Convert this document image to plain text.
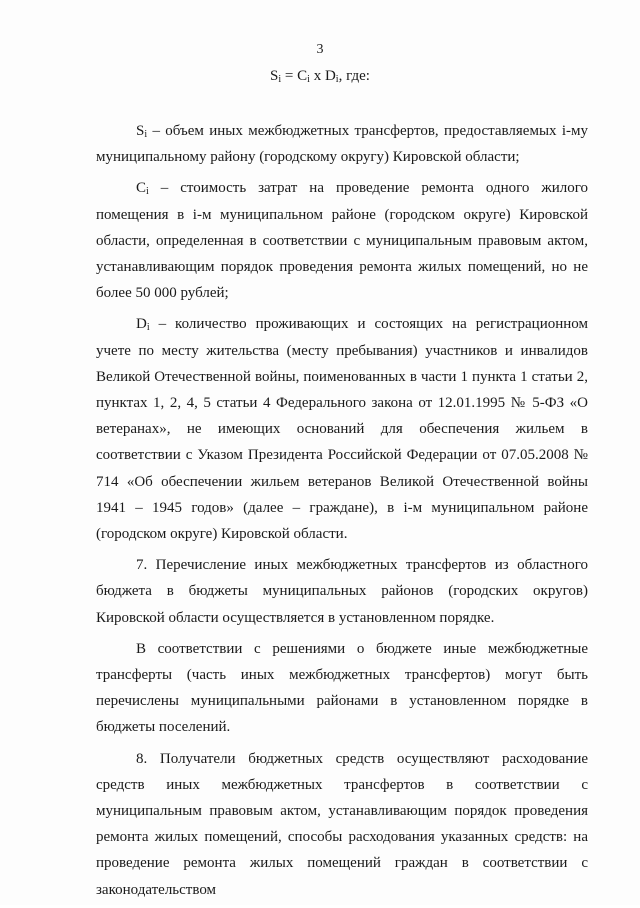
3
$S_i = C_i$ x $D_i$, где:

$S_i$ – объем иных межбюджетных трансфертов, предоставляемых i-му муниципальному району (городскому округу) Кировской области;

$C_i$ – стоимость затрат на проведение ремонта одного жилого помещения в i-м муниципальном районе (городском округе) Кировской области, определенная в соответствии с муниципальным правовым актом, устанавливающим порядок проведения ремонта жилых помещений, но не более 50 000 рублей;

$D_i$ – количество проживающих и состоящих на регистрационном учете по месту жительства (месту пребывания) участников и инвалидов Великой Отечественной войны, поименованных в части 1 пункта 1 статьи 2, пунктах 1, 2, 4, 5 статьи 4 Федерального закона от 12.01.1995 № 5-ФЗ «О ветеранах», не имеющих оснований для обеспечения жильем в соответствии с Указом Президента Российской Федерации от 07.05.2008 № 714 «Об обеспечении жильем ветеранов Великой Отечественной войны 1941 – 1945 годов» (далее – граждане), в i-м муниципальном районе (городском округе) Кировской области.

7. Перечисление иных межбюджетных трансфертов из областного бюджета в бюджеты муниципальных районов (городских округов) Кировской области осуществляется в установленном порядке.

В соответствии с решениями о бюджете иные межбюджетные трансферты (часть иных межбюджетных трансфертов) могут быть перечислены муниципальными районами в установленном порядке в бюджеты поселений.

8. Получатели бюджетных средств осуществляют расходование средств иных межбюджетных трансфертов в соответствии с муниципальным правовым актом, устанавливающим порядок проведения ремонта жилых помещений, способы расходования указанных средств: на проведение ремонта жилых помещений граждан в соответствии с законодательством
